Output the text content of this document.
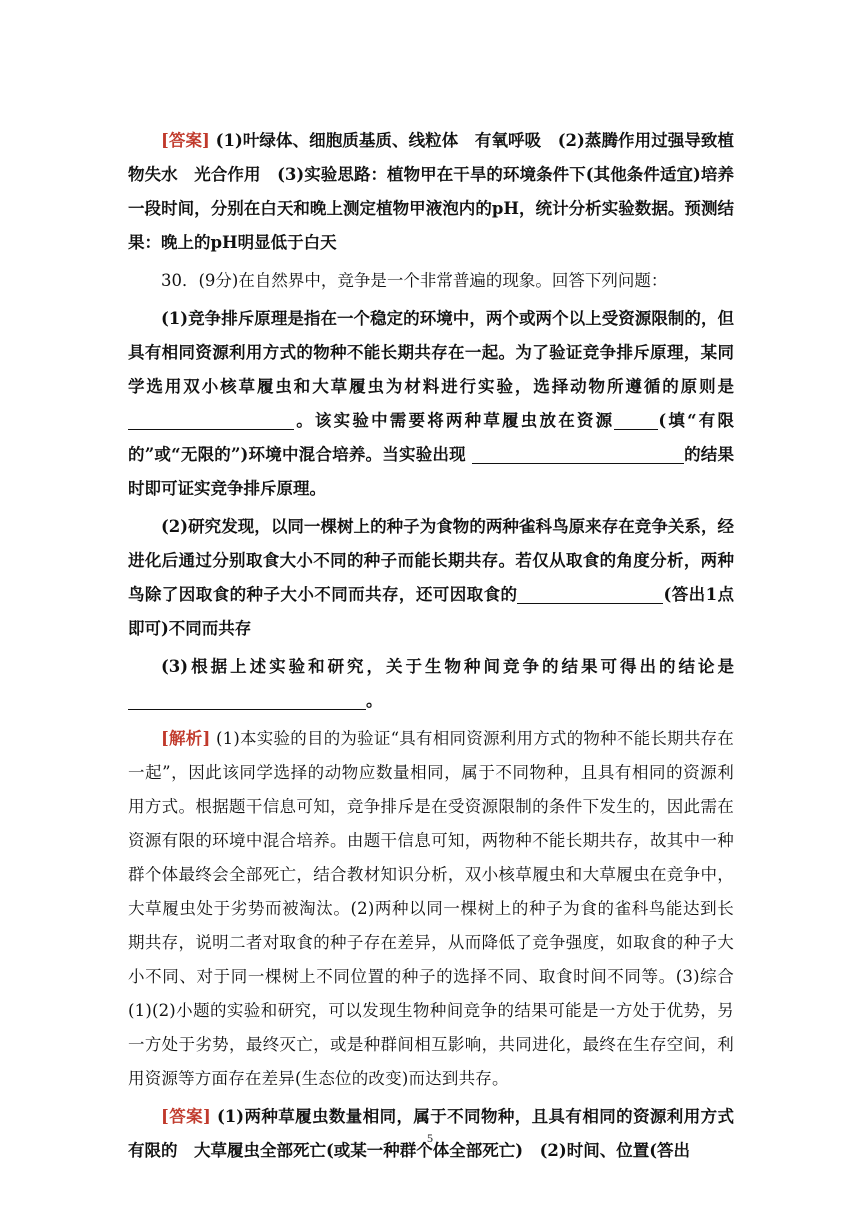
[答案] (1)叶绿体、细胞质基质、线粒体　有氧呼吸　(2)蒸腾作用过强导致植物失水　光合作用　(3)实验思路：植物甲在干旱的环境条件下(其他条件适宜)培养一段时间，分别在白天和晚上测定植物甲液泡内的pH，统计分析实验数据。预测结果：晚上的pH明显低于白天

30．(9分)在自然界中，竞争是一个非常普遍的现象。回答下列问题：

(1)竞争排斥原理是指在一个稳定的环境中，两个或两个以上受资源限制的，但具有相同资源利用方式的物种不能长期共存在一起。为了验证竞争排斥原理，某同学选用双小核草履虫和大草履虫为材料进行实验，选择动物所遵循的原则是。该实验中需要将两种草履虫放在资源	(填“有限的”或“无限的”)环境中混合培养。当实验出现	的结果时即可证实竞争排斥原理。

(2)研究发现，以同一棵树上的种子为食物的两种雀科鸟原来存在竞争关系，经进化后通过分别取食大小不同的种子而能长期共存。若仅从取食的角度分析，两种鸟除了因取食的种子大小不同而共存，还可因取食的	(答出1点即可)不同而共存

(3)根据上述实验和研究，关于生物种间竞争的结果可得出的结论是。

[解析] (1)本实验的目的为验证“具有相同资源利用方式的物种不能长期共存在一起”，因此该同学选择的动物应数量相同，属于不同物种，且具有相同的资源利用方式。根据题干信息可知，竞争排斥是在受资源限制的条件下发生的，因此需在资源有限的环境中混合培养。由题干信息可知，两物种不能长期共存，故其中一种群个体最终会全部死亡，结合教材知识分析，双小核草履虫和大草履虫在竞争中，大草履虫处于劣势而被淘汰。(2)两种以同一棵树上的种子为食的雀科鸟能达到长期共存，说明二者对取食的种子存在差异，从而降低了竞争强度，如取食的种子大小不同、对于同一棵树上不同位置的种子的选择不同、取食时间不同等。(3)综合(1)(2)小题的实验和研究，可以发现生物种间竞争的结果可能是一方处于优势，另一方处于劣势，最终灭亡，或是种群间相互影响，共同进化，最终在生存空间，利用资源等方面存在差异(生态位的改变)而达到共存。

[答案] (1)两种草履虫数量相同，属于不同物种，且具有相同的资源利用方式　有限的　大草履虫全部死亡(或某一种群个体全部死亡)　(2)时间、位置(答出

5
